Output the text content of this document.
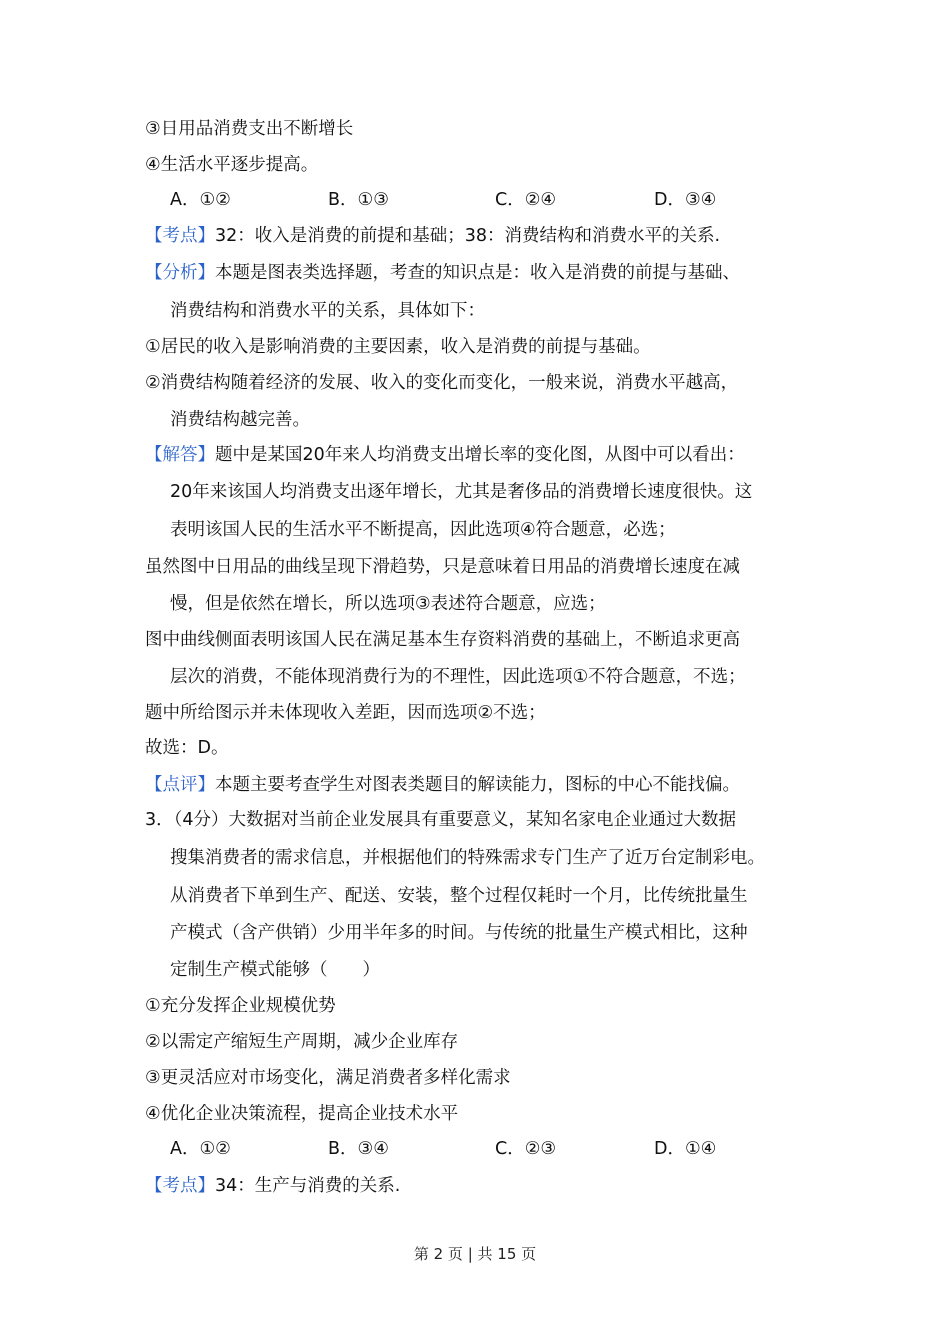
③日用品消费支出不断增长
④生活水平逐步提高。
A．①②	B．①③	C．②④	D．③④
【考点】32：收入是消费的前提和基础；38：消费结构和消费水平的关系.
【分析】本题是图表类选择题，考查的知识点是：收入是消费的前提与基础、
消费结构和消费水平的关系，具体如下：
①居民的收入是影响消费的主要因素，收入是消费的前提与基础。
②消费结构随着经济的发展、收入的变化而变化，一般来说，消费水平越高，
消费结构越完善。
【解答】题中是某国20年来人均消费支出增长率的变化图，从图中可以看出：
20年来该国人均消费支出逐年增长，尤其是奢侈品的消费增长速度很快。这
表明该国人民的生活水平不断提高，因此选项④符合题意，必选；
虽然图中日用品的曲线呈现下滑趋势，只是意味着日用品的消费增长速度在减
慢，但是依然在增长，所以选项③表述符合题意，应选；
图中曲线侧面表明该国人民在满足基本生存资料消费的基础上，不断追求更高
层次的消费，不能体现消费行为的不理性，因此选项①不符合题意，不选；
题中所给图示并未体现收入差距，因而选项②不选；
故选：D。
【点评】本题主要考查学生对图表类题目的解读能力，图标的中心不能找偏。
3．（4分）大数据对当前企业发展具有重要意义，某知名家电企业通过大数据
搜集消费者的需求信息，并根据他们的特殊需求专门生产了近万台定制彩电。
从消费者下单到生产、配送、安装，整个过程仅耗时一个月，比传统批量生
产模式（含产供销）少用半年多的时间。与传统的批量生产模式相比，这种
定制生产模式能够（　　）
①充分发挥企业规模优势
②以需定产缩短生产周期，减少企业库存
③更灵活应对市场变化，满足消费者多样化需求
④优化企业决策流程，提高企业技术水平
A．①②	B．③④	C．②③	D．①④
【考点】34：生产与消费的关系.
第 2 页 | 共 15 页
